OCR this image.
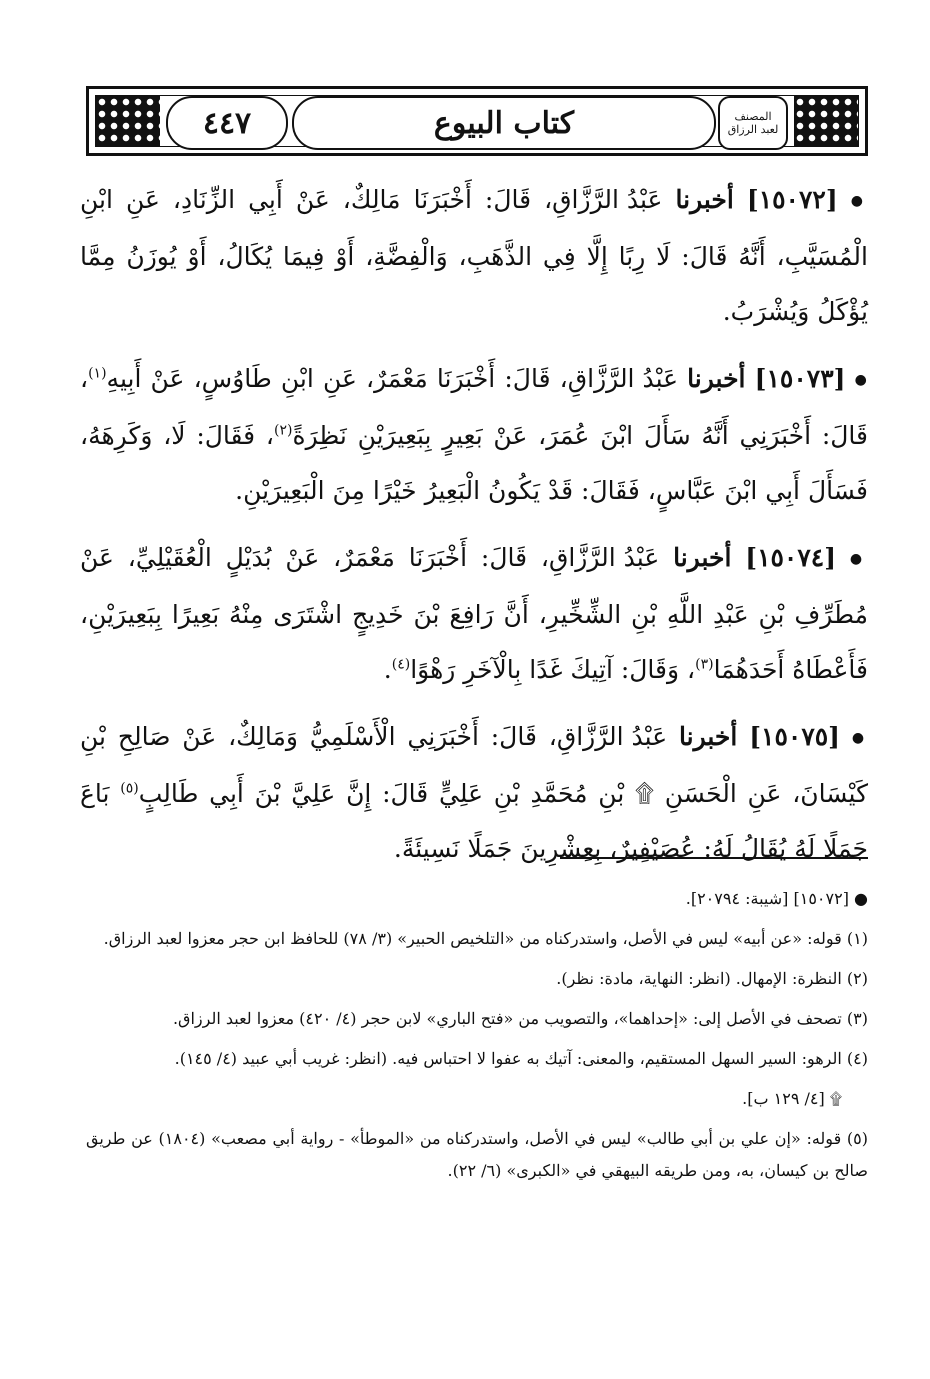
٤٤٧	كتاب البيوع	المصنف
لعبد الرزاق

● [١٥٠٧٢] أخبرنا عَبْدُ الرَّزَّاقِ، قَالَ: أَخْبَرَنَا مَالِكٌ، عَنْ أَبِي الزِّنَادِ، عَنِ ابْنِ الْمُسَيَّبِ، أَنَّهُ قَالَ: لَا رِبًا إِلَّا فِي الذَّهَبِ، وَالْفِضَّةِ، أَوْ فِيمَا يُكَالُ، أَوْ يُوزَنُ مِمَّا يُؤْكَلُ وَيُشْرَبُ.

● [١٥٠٧٣] أخبرنا عَبْدُ الرَّزَّاقِ، قَالَ: أَخْبَرَنَا مَعْمَرٌ، عَنِ ابْنِ طَاوُسٍ، عَنْ أَبِيهِ$^{(١)}$، قَالَ: أَخْبَرَنِي أَنَّهُ سَأَلَ ابْنَ عُمَرَ، عَنْ بَعِيرٍ بِبَعِيرَيْنِ نَظِرَةً$^{(٢)}$، فَقَالَ: لَا، وَكَرِهَهُ، فَسَأَلَ أَبِي ابْنَ عَبَّاسٍ، فَقَالَ: قَدْ يَكُونُ الْبَعِيرُ خَيْرًا مِنَ الْبَعِيرَيْنِ.

● [١٥٠٧٤] أخبرنا عَبْدُ الرَّزَّاقِ، قَالَ: أَخْبَرَنَا مَعْمَرٌ، عَنْ بُدَيْلٍ الْعُقَيْلِيِّ، عَنْ مُطَرِّفِ بْنِ عَبْدِ اللَّهِ بْنِ الشِّخِّيرِ، أَنَّ رَافِعَ بْنَ خَدِيجٍ اشْتَرَى مِنْهُ بَعِيرًا بِبَعِيرَيْنِ، فَأَعْطَاهُ أَحَدَهُمَا$^{(٣)}$، وَقَالَ: آتِيكَ غَدًا بِالْآخَرِ رَهْوًا$^{(٤)}$.

● [١٥٠٧٥] أخبرنا عَبْدُ الرَّزَّاقِ، قَالَ: أَخْبَرَنِي الْأَسْلَمِيُّ وَمَالِكٌ، عَنْ صَالِحِ بْنِ كَيْسَانَ، عَنِ الْحَسَنِ ۩ بْنِ مُحَمَّدِ بْنِ عَلِيٍّ قَالَ: إِنَّ عَلِيَّ بْنَ أَبِي طَالِبٍ$^{(٥)}$ بَاعَ جَمَلًا لَهُ يُقَالُ لَهُ: عُصَيْفِيرٌ، بِعِشْرِينَ جَمَلًا نَسِيئَةً.

● [١٥٠٧٢] [شيبة: ٢٠٧٩٤].

(١) قوله: «عن أبيه» ليس في الأصل، واستدركناه من «التلخيص الحبير» (٣/ ٧٨) للحافظ ابن حجر معزوا لعبد الرزاق.

(٢) النظرة: الإمهال. (انظر: النهاية، مادة: نظر).

(٣) تصحف في الأصل إلى: «إحداهما»، والتصويب من «فتح الباري» لابن حجر (٤/ ٤٢٠) معزوا لعبد الرزاق.

(٤) الرهو: السير السهل المستقيم، والمعنى: آتيك به عفوا لا احتباس فيه. (انظر: غريب أبي عبيد (٤/ ١٤٥).

۩ [٤/ ١٢٩ ب].

(٥) قوله: «إن علي بن أبي طالب» ليس في الأصل، واستدركناه من «الموطأ» - رواية أبي مصعب» (١٨٠٤) عن طريق صالح بن كيسان، به، ومن طريقه البيهقي في «الكبرى» (٦/ ٢٢).
